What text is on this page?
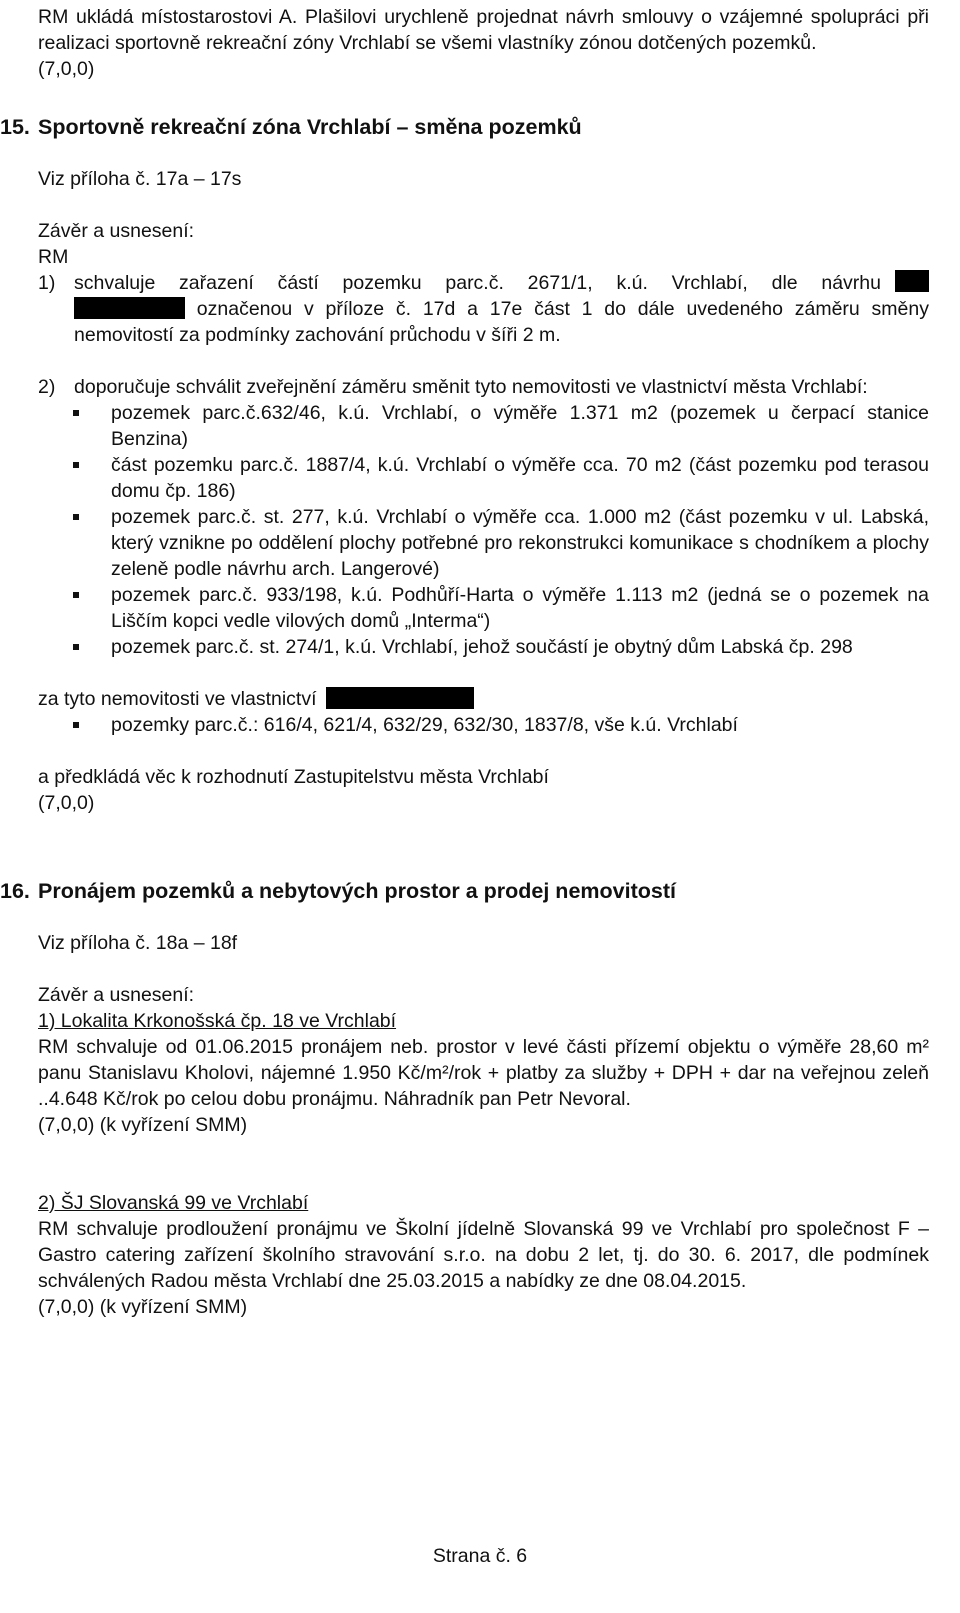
RM ukládá místostarostovi A. Plašilovi urychleně projednat návrh smlouvy o vzájemné spolupráci při realizaci sportovně rekreační zóny Vrchlabí se všemi vlastníky zónou dotčených pozemků.

(7,0,0)

15. Sportovně rekreační zóna Vrchlabí – směna pozemků

Viz příloha č. 17a – 17s

Závěr a usnesení:

RM

1) schvaluje zařazení částí pozemku parc.č. 2671/1, k.ú. Vrchlabí, dle návrhu
označenou v příloze č. 17d a 17e část 1 do dále uvedeného záměru směny nemovitostí za podmínky zachování průchodu v šíři 2 m.
2) doporučuje schválit zveřejnění záměru směnit tyto nemovitosti ve vlastnictví města Vrchlabí:
pozemek parc.č.632/46, k.ú. Vrchlabí, o výměře 1.371 m2 (pozemek u čerpací stanice Benzina)
část pozemku parc.č. 1887/4, k.ú. Vrchlabí o výměře cca. 70 m2 (část pozemku pod terasou domu čp. 186)
pozemek parc.č. st. 277, k.ú. Vrchlabí o výměře cca. 1.000 m2 (část pozemku v ul. Labská, který vznikne po oddělení plochy potřebné pro rekonstrukci komunikace s chodníkem a plochy zeleně podle návrhu arch. Langerové)
pozemek parc.č. 933/198, k.ú. Podhůří-Harta o výměře 1.113 m2 (jedná se o pozemek na Liščím kopci vedle vilových domů „Interma“)
pozemek parc.č. st. 274/1, k.ú. Vrchlabí, jehož součástí je obytný dům Labská čp. 298

za tyto nemovitosti ve vlastnictví

pozemky parc.č.: 616/4, 621/4, 632/29, 632/30, 1837/8, vše k.ú. Vrchlabí

a předkládá věc k rozhodnutí Zastupitelstvu města Vrchlabí

(7,0,0)

16. Pronájem pozemků a nebytových prostor a prodej nemovitostí

Viz příloha č. 18a – 18f

Závěr a usnesení:

1) Lokalita Krkonošská čp. 18 ve Vrchlabí

RM schvaluje od 01.06.2015 pronájem neb. prostor v levé části přízemí objektu o výměře 28,60 m² panu Stanislavu Kholovi, nájemné 1.950 Kč/m²/rok + platby za služby + DPH + dar na veřejnou zeleň ..4.648 Kč/rok po celou dobu pronájmu. Náhradník pan Petr Nevoral.

(7,0,0) (k vyřízení SMM)

2) ŠJ Slovanská 99 ve Vrchlabí

RM schvaluje prodloužení pronájmu ve Školní jídelně Slovanská 99 ve Vrchlabí pro společnost F – Gastro catering zařízení školního stravování s.r.o. na dobu 2 let, tj. do 30. 6. 2017, dle podmínek schválených Radou města Vrchlabí dne 25.03.2015 a nabídky ze dne 08.04.2015.

(7,0,0) (k vyřízení SMM)

Strana č. 6
